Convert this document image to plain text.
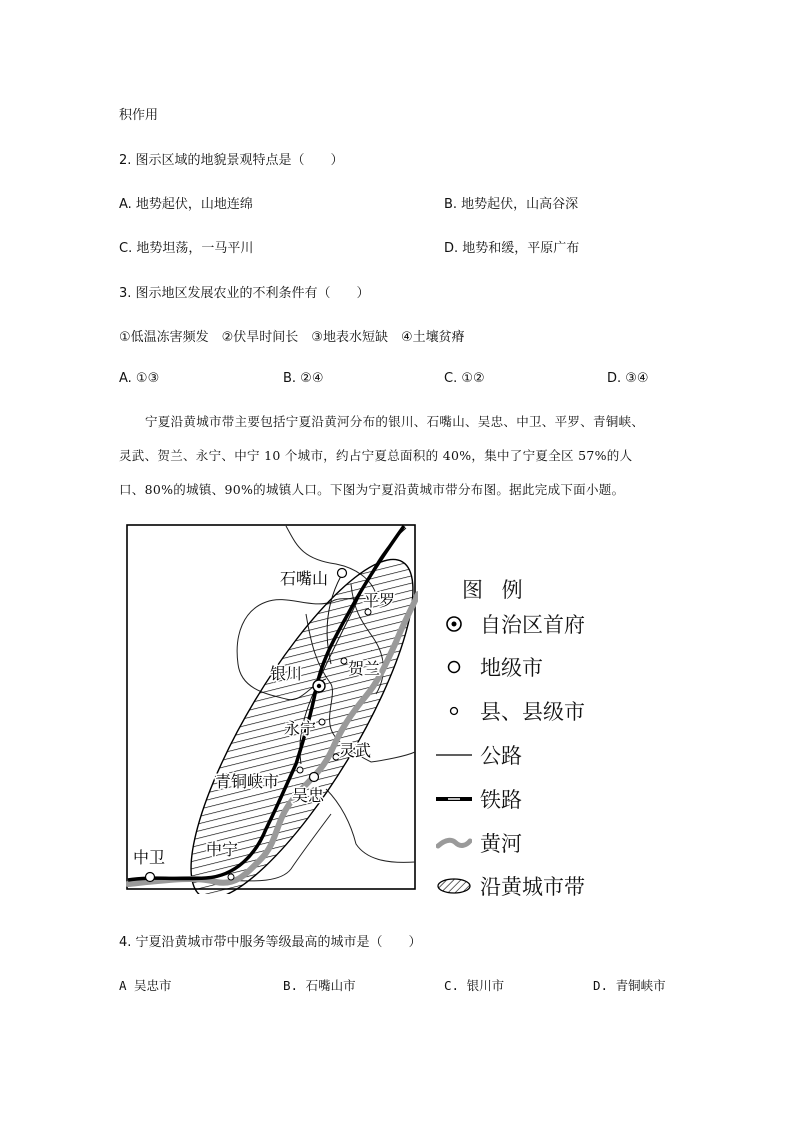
积作用
2. 图示区域的地貌景观特点是（　　）
A. 地势起伏，山地连绵	B. 地势起伏，山高谷深
C. 地势坦荡，一马平川	D. 地势和缓，平原广布
3. 图示地区发展农业的不利条件有（　　）
①低温冻害频发　②伏旱时间长　③地表水短缺　④土壤贫瘠
A. ①③	B. ②④	C. ①②	D. ③④

宁夏沿黄城市带主要包括宁夏沿黄河分布的银川、石嘴山、吴忠、中卫、平罗、青铜峡、

灵武、贺兰、永宁、中宁 10 个城市，约占宁夏总面积的 40%，集中了宁夏全区 57%的人

口、80%的城镇、90%的城镇人口。下图为宁夏沿黄城市带分布图。据此完成下面小题。

石嘴山
平罗
银川	贺兰
永宁
灵武
青铜峡市
吴忠
中卫	中宁
图 例
自治区首府
地级市
县、县级市
公路
铁路
黄河
沿黄城市带
4. 宁夏沿黄城市带中服务等级最高的城市是（　　）
A 吴忠市	B. 石嘴山市	C. 银川市	D. 青铜峡市
